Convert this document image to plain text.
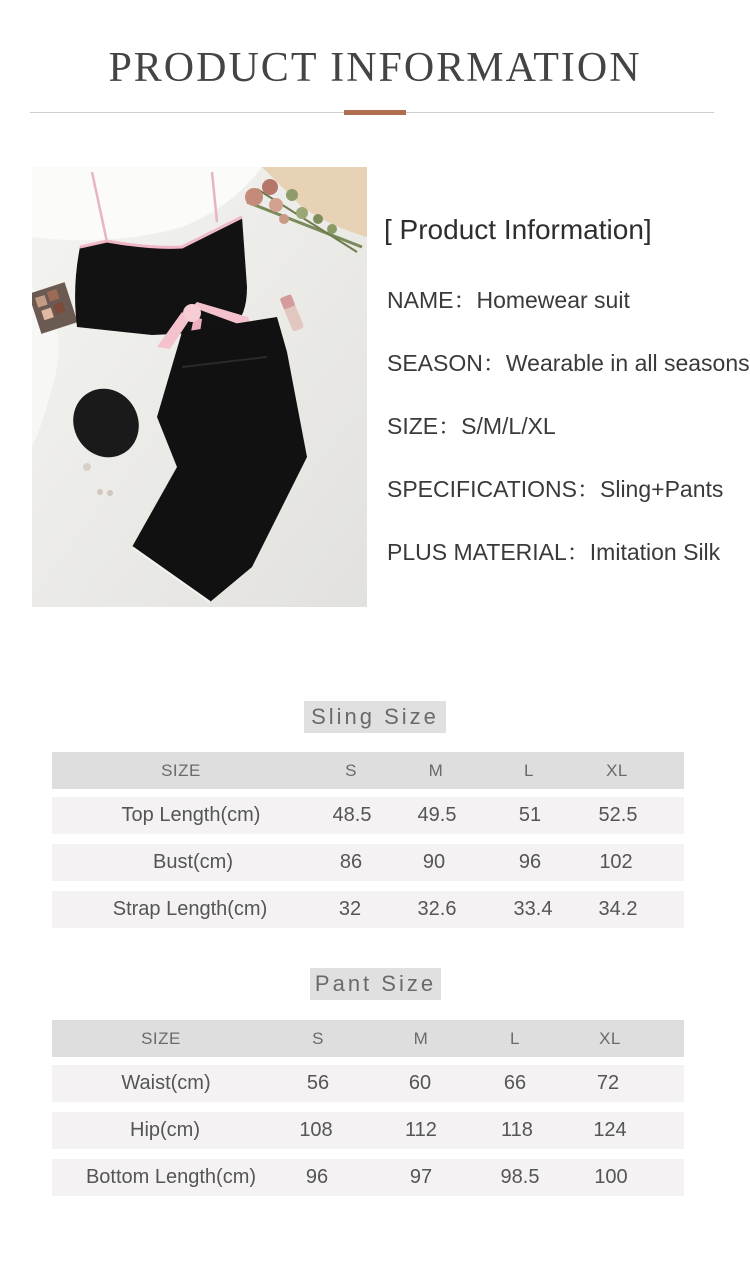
PRODUCT INFORMATION
[ Product Information]
NAME：Homewear suit
SEASON：Wearable in all seasons
SIZE：S/M/L/XL
SPECIFICATIONS：Sling+Pants
PLUS MATERIAL：Imitation Silk
Sling Size
SIZE	S	M	L	XL
Top Length(cm)	48.5	49.5	51	52.5
Bust(cm)	86	90	96	102
Strap Length(cm)	32	32.6	33.4	34.2
Pant Size
SIZE	S	M	L	XL
Waist(cm)	56	60	66	72
Hip(cm)	108	112	118	124
Bottom Length(cm)	96	97	98.5	100
